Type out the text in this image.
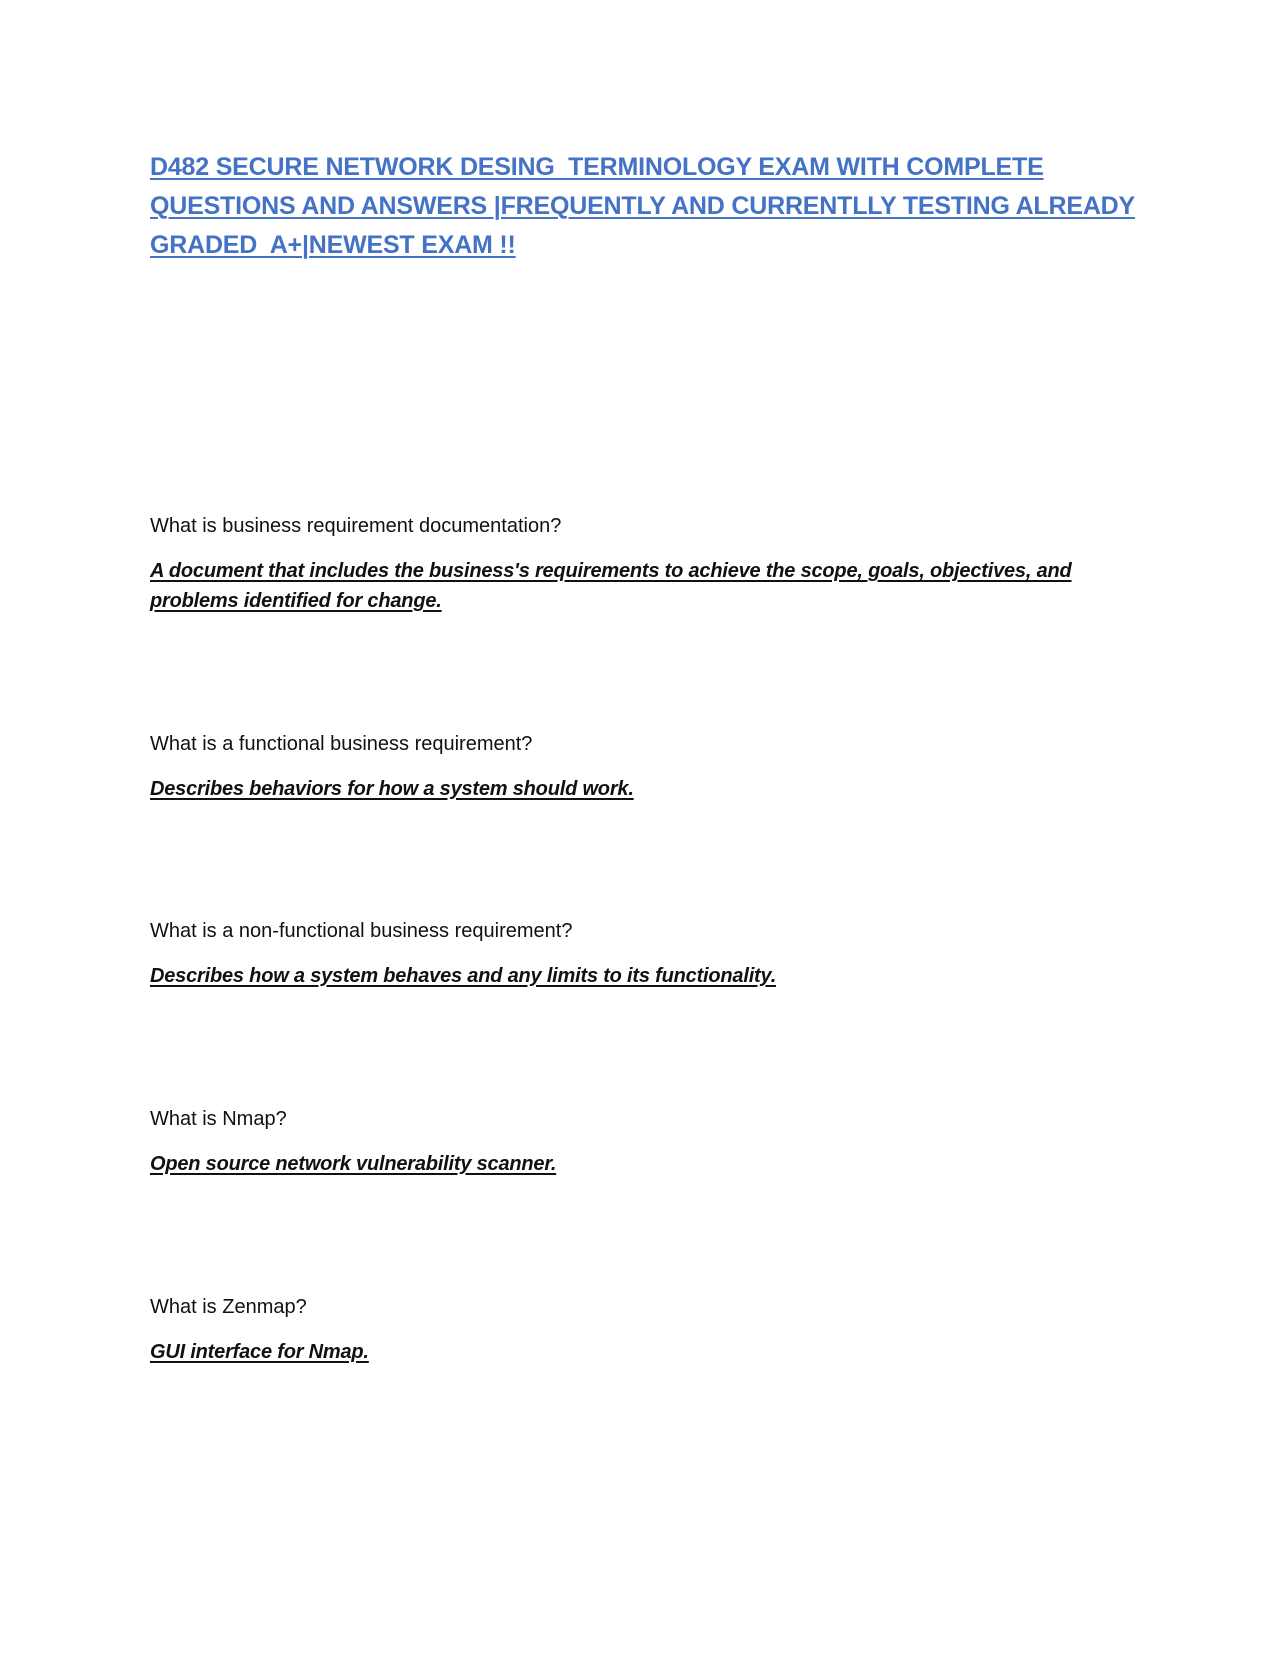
D482 SECURE NETWORK DESING  TERMINOLOGY EXAM WITH COMPLETE
QUESTIONS AND ANSWERS |FREQUENTLY AND CURRENTLLY TESTING ALREADY
GRADED  A+|NEWEST EXAM !!

What is business requirement documentation?

A document that includes the business's requirements to achieve the scope, goals, objectives, and problems identified for change.

What is a functional business requirement?

Describes behaviors for how a system should work.

What is a non-functional business requirement?

Describes how a system behaves and any limits to its functionality.

What is Nmap?

Open source network vulnerability scanner.

What is Zenmap?

GUI interface for Nmap.
